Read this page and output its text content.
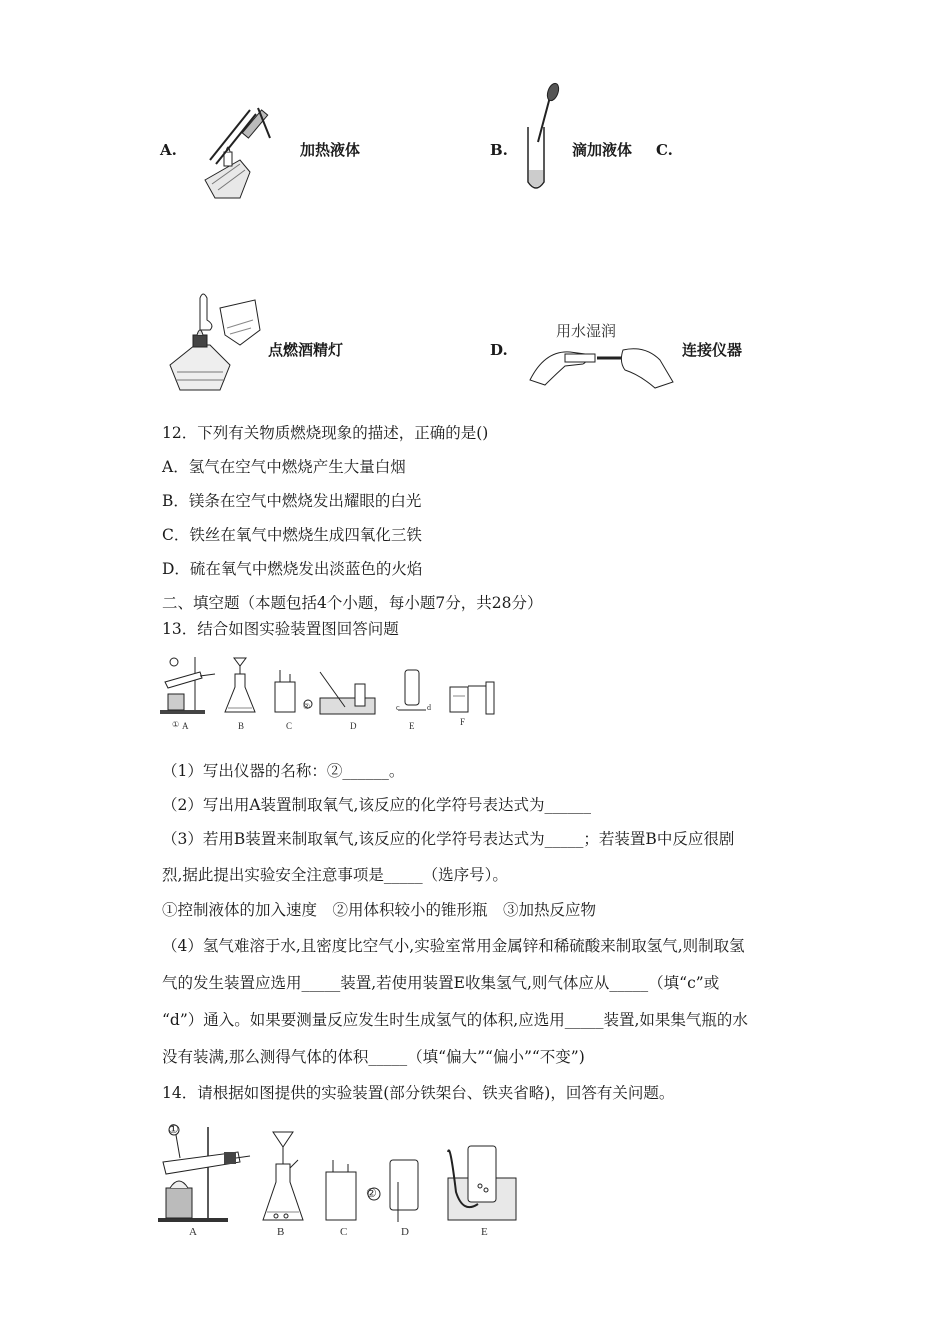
A.	加热液体	B.	滴加液体 C.
点燃酒精灯	D.
用水湿润
连接仪器
12．下列有关物质燃烧现象的描述，正确的是()
A．氢气在空气中燃烧产生大量白烟
B．镁条在空气中燃烧发出耀眼的白光
C．铁丝在氧气中燃烧生成四氧化三铁
D．硫在氧气中燃烧发出淡蓝色的火焰
二、填空题（本题包括4个小题，每小题7分，共28分）
13．结合如图实验装置图回答问题
①
②	c	d
A	B	C	D	E	F
（1）写出仪器的名称：②______。
（2）写出用A装置制取氧气,该反应的化学符号表达式为______
（3）若用B装置来制取氧气,该反应的化学符号表达式为_____；若装置B中反应很剧
烈,据此提出实验安全注意事项是_____（选序号）。
①控制液体的加入速度　②用体积较小的锥形瓶　③加热反应物
（4）氢气难溶于水,且密度比空气小,实验室常用金属锌和稀硫酸来制取氢气,则制取氢
气的发生装置应选用_____装置,若使用装置E收集氢气,则气体应从_____（填“c”或
“d”）通入。如果要测量反应发生时生成氢气的体积,应选用_____装置,如果集气瓶的水
没有装满,那么测得气体的体积_____（填“偏大”“偏小”“不变”)
14．请根据如图提供的实验装置(部分铁架台、铁夹省略)，回答有关问题。
①
②
A	B	C	D	E
